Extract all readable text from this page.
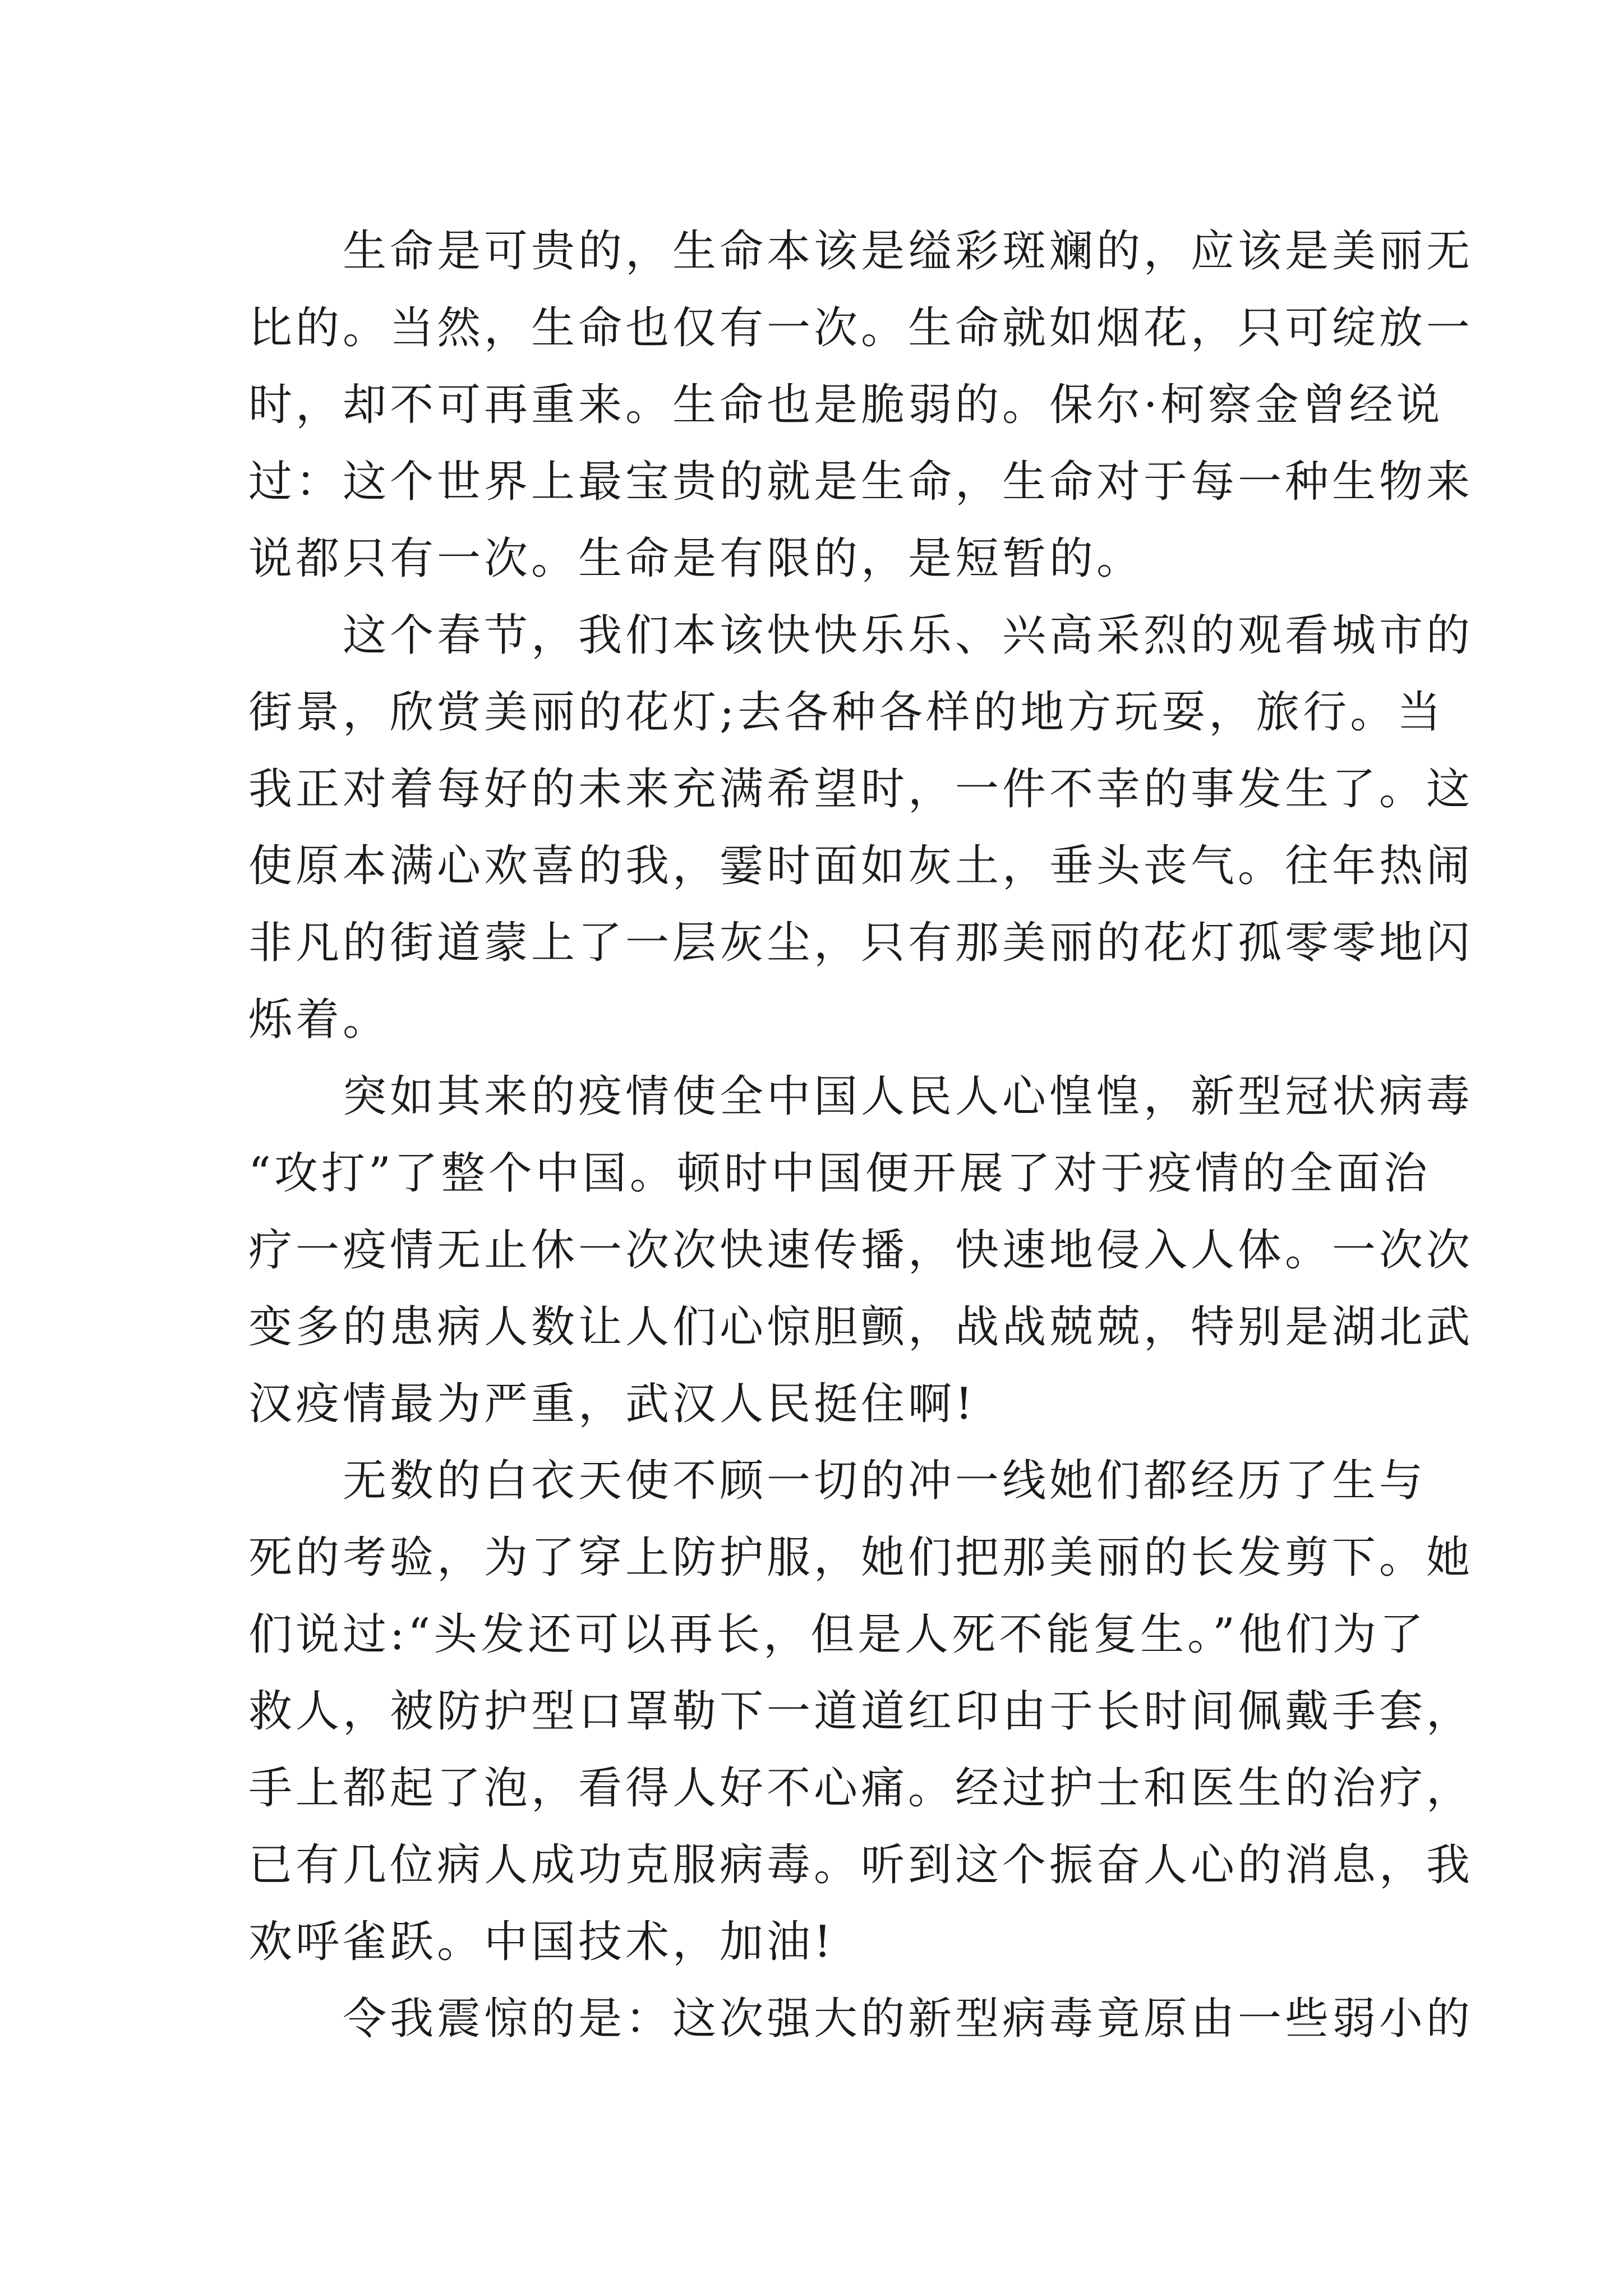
生命是可贵的，生命本该是缢彩斑斓的，应该是美丽无
比的。当然，生命也仅有一次。生命就如烟花，只可绽放一
时，却不可再重来。生命也是脆弱的。保尔·柯察金曾经说
过：这个世界上最宝贵的就是生命，生命对于每一种生物来
说都只有一次。生命是有限的，是短暂的。

这个春节，我们本该快快乐乐、兴高采烈的观看城市的
街景，欣赏美丽的花灯;去各种各样的地方玩耍，旅行。当
我正对着每好的未来充满希望时，一件不幸的事发生了。这
使原本满心欢喜的我，霎时面如灰土，垂头丧气。往年热闹
非凡的街道蒙上了一层灰尘，只有那美丽的花灯孤零零地闪
烁着。

突如其来的疫情使全中国人民人心惶惶，新型冠状病毒
“攻打”了整个中国。顿时中国便开展了对于疫情的全面治
疗一疫情无止休一次次快速传播，快速地侵入人体。一次次
变多的患病人数让人们心惊胆颤，战战兢兢，特别是湖北武
汉疫情最为严重，武汉人民挺住啊!

无数的白衣天使不顾一切的冲一线她们都经历了生与
死的考验，为了穿上防护服，她们把那美丽的长发剪下。她
们说过:“头发还可以再长，但是人死不能复生。”他们为了
救人，被防护型口罩勒下一道道红印由于长时间佩戴手套，
手上都起了泡，看得人好不心痛。经过护士和医生的治疗，
已有几位病人成功克服病毒。听到这个振奋人心的消息，我
欢呼雀跃。中国技术，加油!

令我震惊的是：这次强大的新型病毒竟原由一些弱小的
